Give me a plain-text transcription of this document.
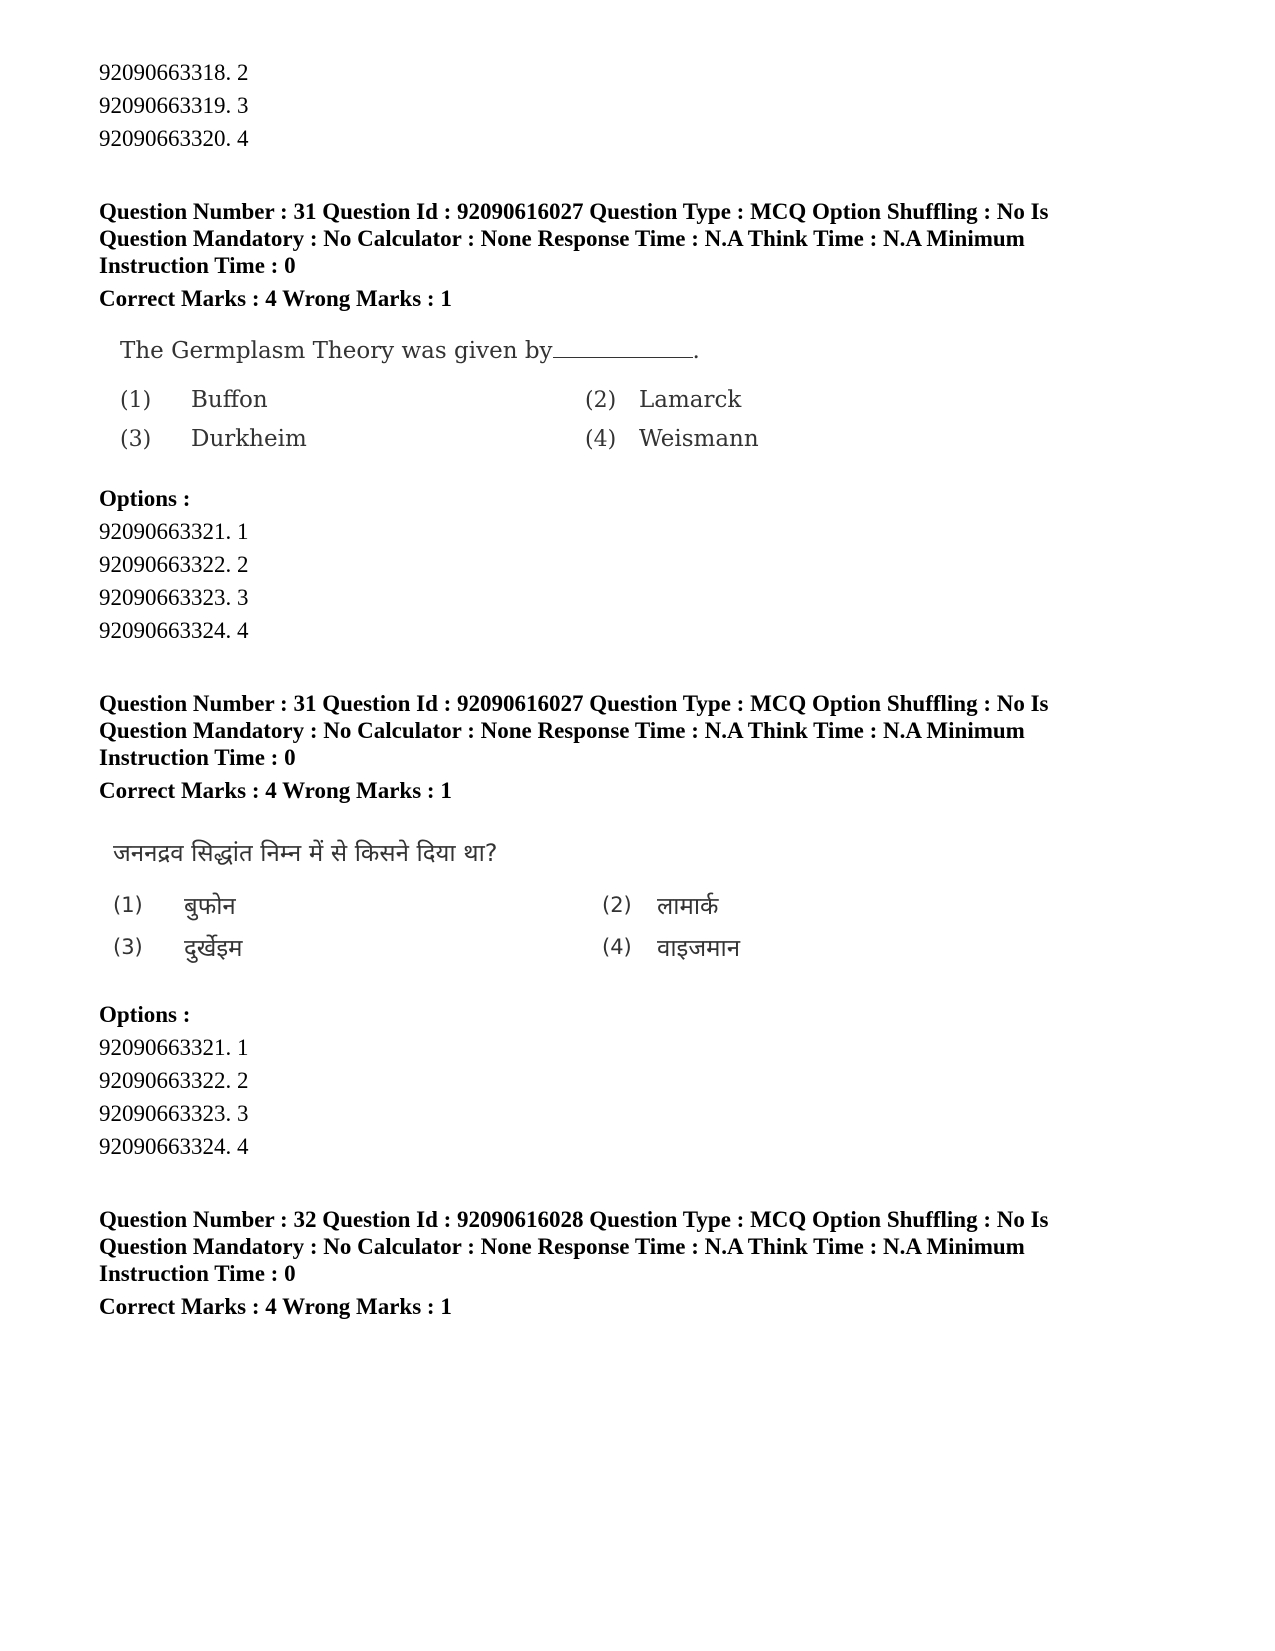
92090663318. 2
92090663319. 3
92090663320. 4
Question Number : 31 Question Id : 92090616027 Question Type : MCQ Option Shuffling : No Is
Question Mandatory : No Calculator : None Response Time : N.A Think Time : N.A Minimum
Instruction Time : 0
Correct Marks : 4 Wrong Marks : 1
The Germplasm Theory was given by	.
(1) Buffon	(2) Lamarck
(3) Durkheim	(4) Weismann
Options :
92090663321. 1
92090663322. 2
92090663323. 3
92090663324. 4
Question Number : 31 Question Id : 92090616027 Question Type : MCQ Option Shuffling : No Is
Question Mandatory : No Calculator : None Response Time : N.A Think Time : N.A Minimum
Instruction Time : 0
Correct Marks : 4 Wrong Marks : 1
जननद्रव सिद्धांत निम्न में से किसने दिया था?
(1) बुफोन	(2) लामार्क
(3) दुर्खेइम	(4) वाइजमान
Options :
92090663321. 1
92090663322. 2
92090663323. 3
92090663324. 4
Question Number : 32 Question Id : 92090616028 Question Type : MCQ Option Shuffling : No Is
Question Mandatory : No Calculator : None Response Time : N.A Think Time : N.A Minimum
Instruction Time : 0
Correct Marks : 4 Wrong Marks : 1
